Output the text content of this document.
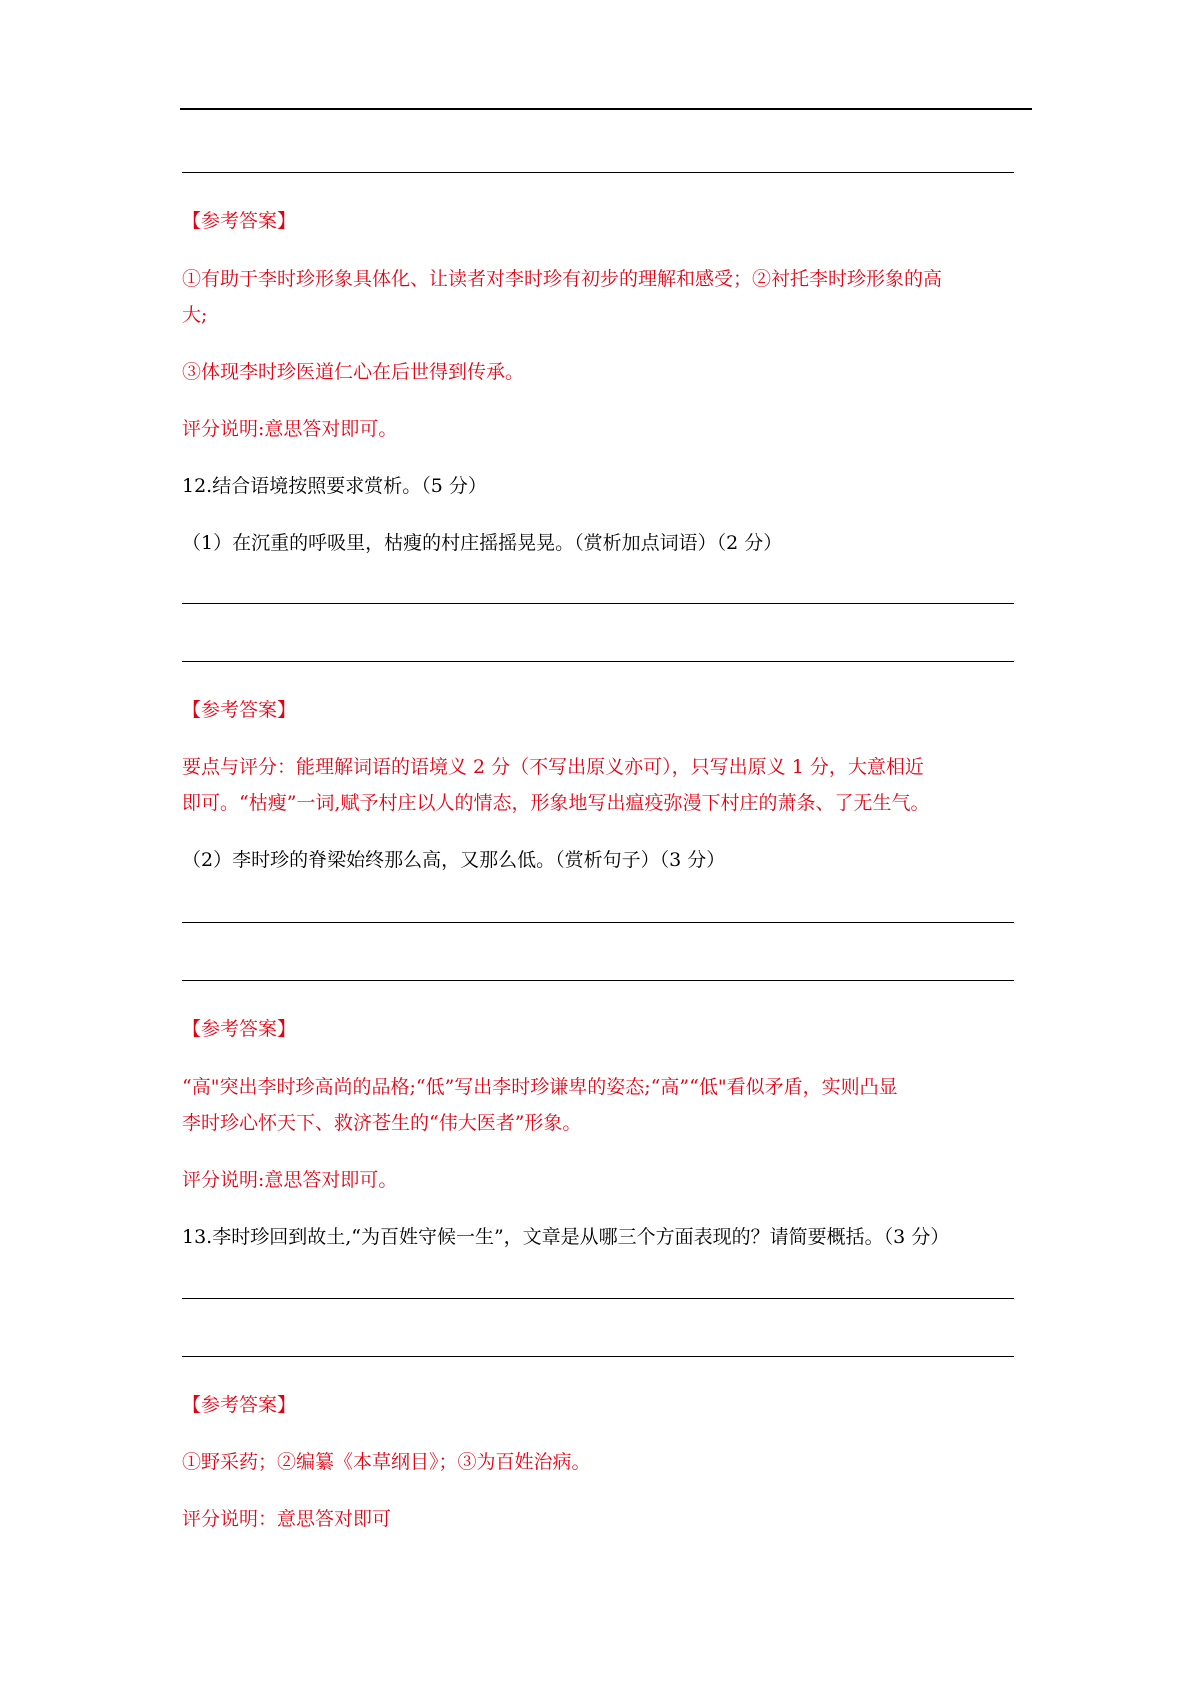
【参考答案】
①有助于李时珍形象具体化、让读者对李时珍有初步的理解和感受；②衬托李时珍形象的高
大;
③体现李时珍医道仁心在后世得到传承。
评分说明:意思答对即可。
12.结合语境按照要求赏析。（5 分）
（1）在沉重的呼吸里，枯瘦的村庄摇摇晃晃。（赏析加点词语）（2 分）
【参考答案】
要点与评分：能理解词语的语境义 2 分（不写出原义亦可），只写出原义 1 分，大意相近
即可。“枯瘦”一词,赋予村庄以人的情态，形象地写出瘟疫弥漫下村庄的萧条、了无生气。
（2）李时珍的脊梁始终那么高，又那么低。（赏析句子）（3 分）
【参考答案】
“高"突出李时珍高尚的品格;“低”写出李时珍谦卑的姿态;“高”“低"看似矛盾，实则凸显
李时珍心怀天下、救济苍生的“伟大医者”形象。
评分说明:意思答对即可。
13.李时珍回到故土,“为百姓守候一生”，文章是从哪三个方面表现的？请简要概括。（3 分）
【参考答案】
①野采药；②编纂《本草纲目》；③为百姓治病。
评分说明：意思答对即可
